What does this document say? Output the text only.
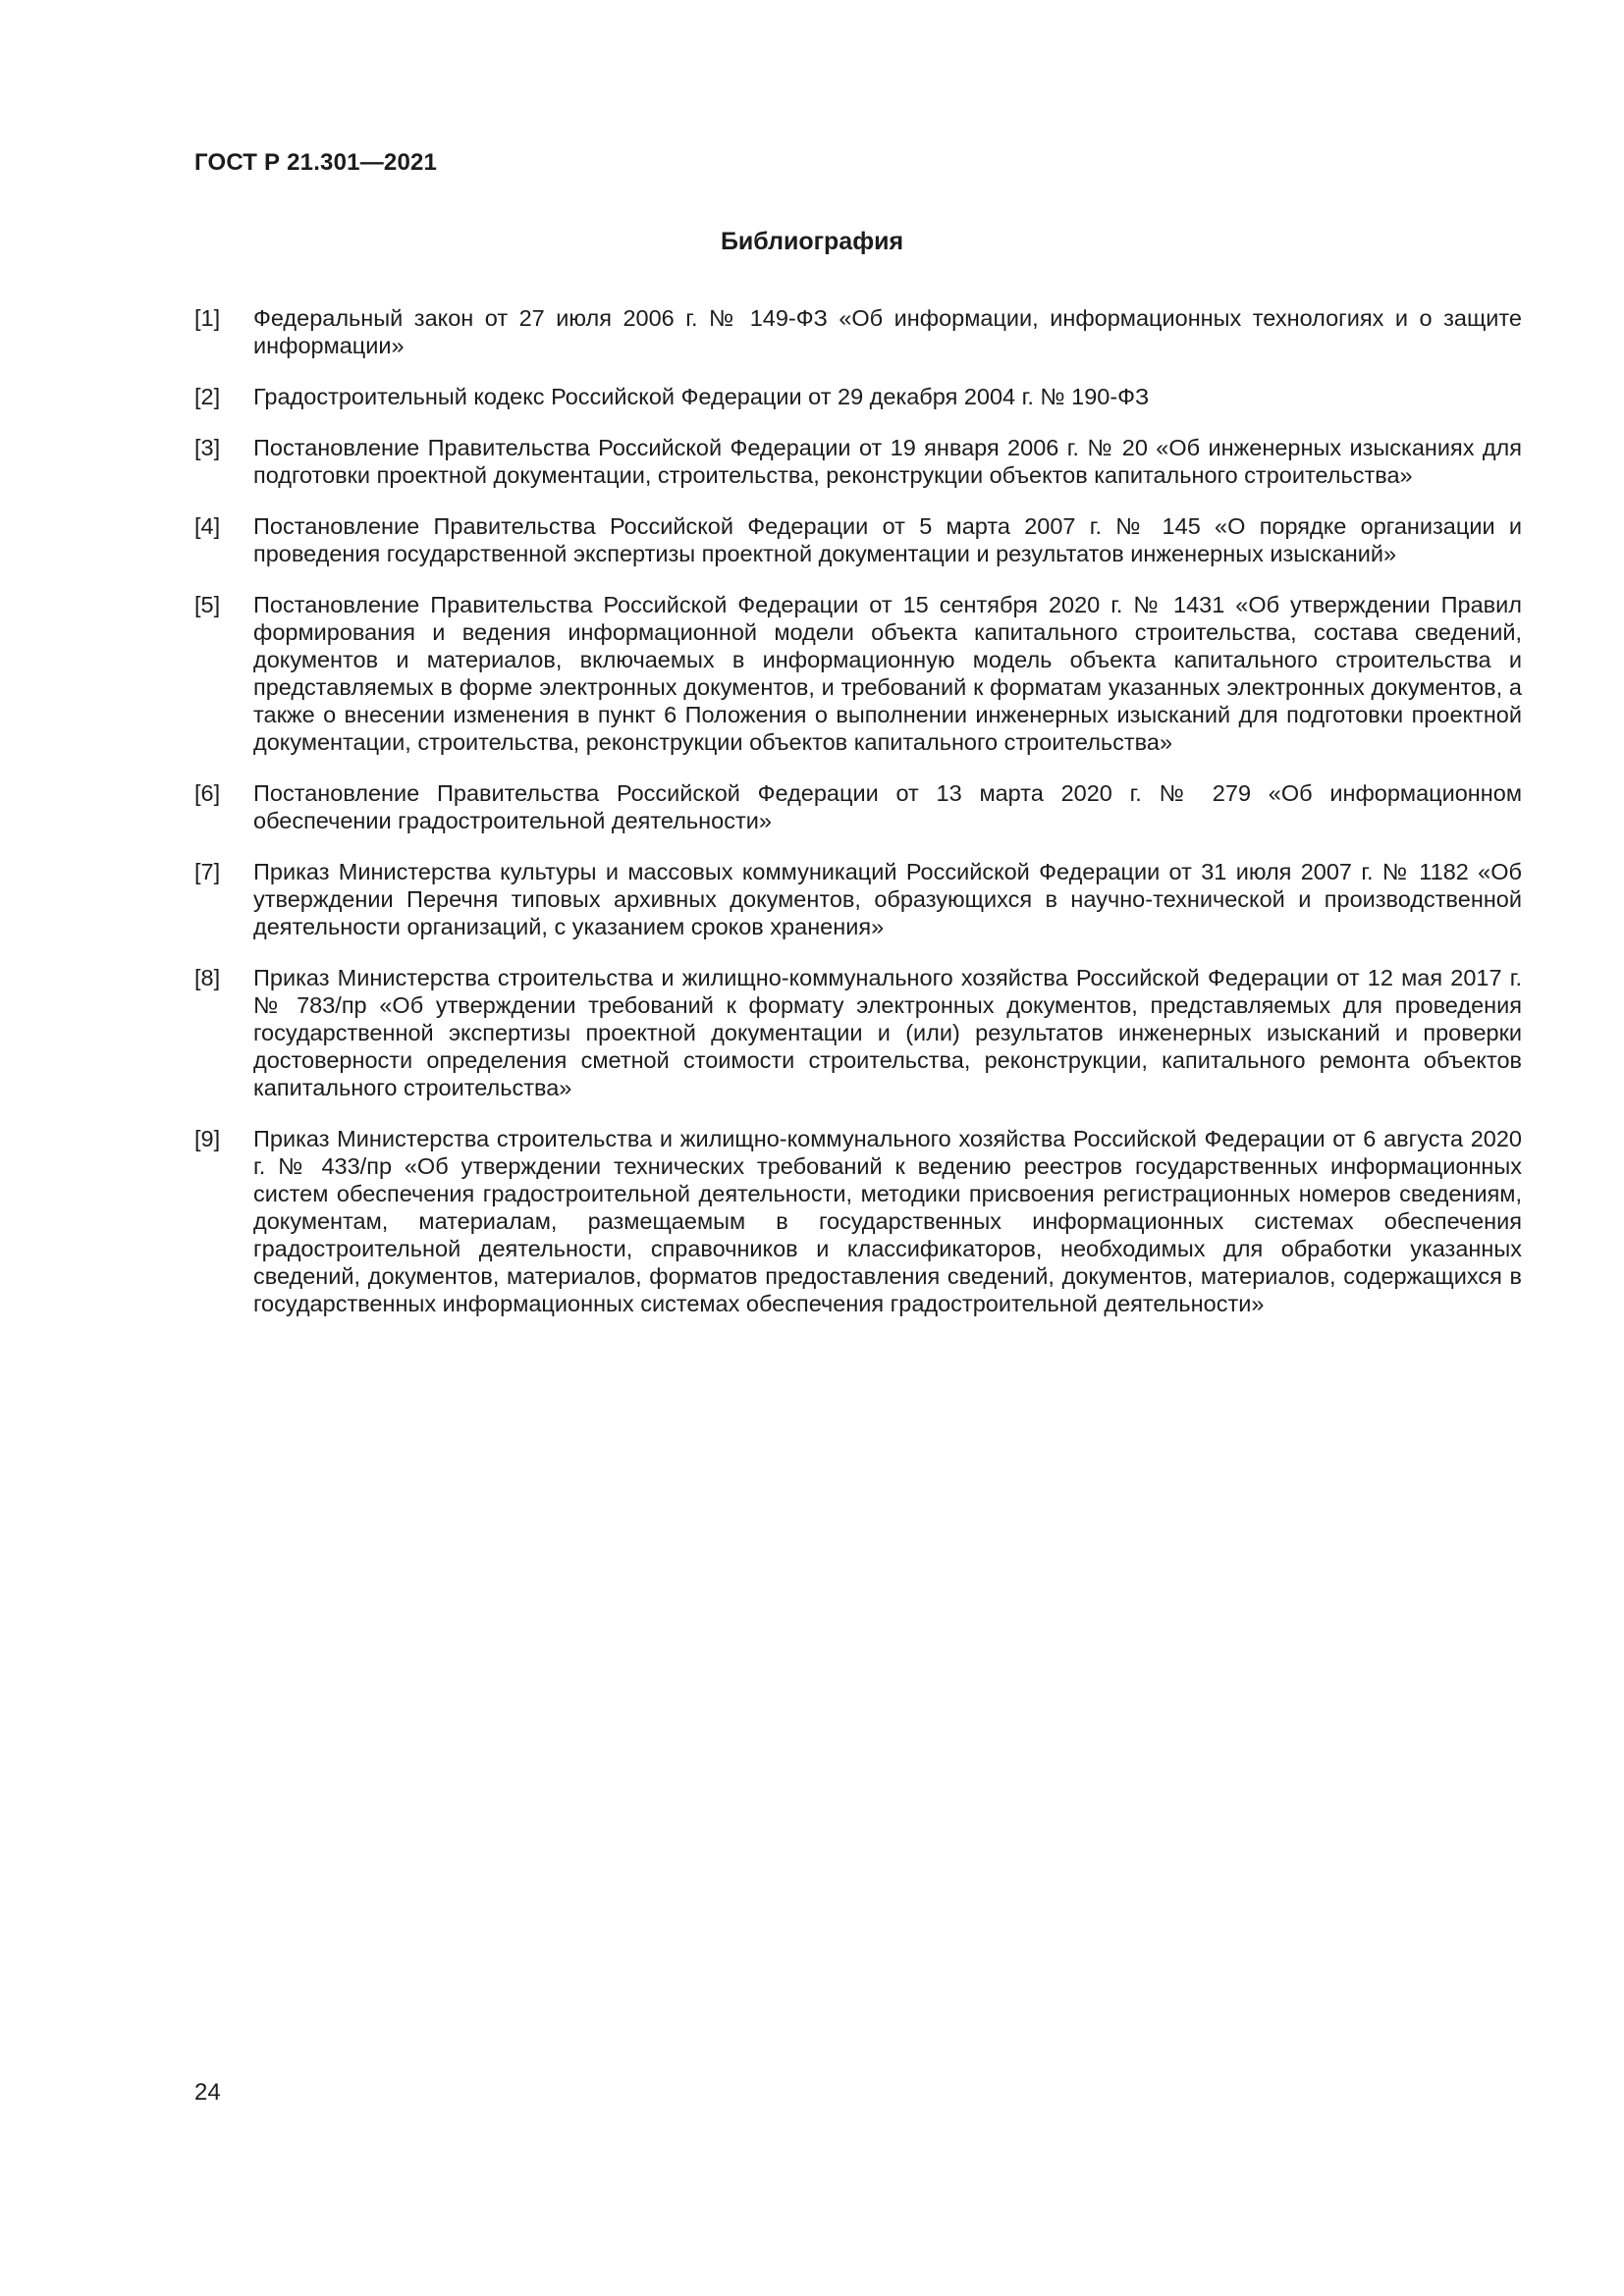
ГОСТ Р 21.301—2021
Библиография
[1]	Федеральный закон от 27 июля 2006 г. № 149-ФЗ «Об информации, информационных технологиях и о защите информации»
[2]	Градостроительный кодекс Российской Федерации от 29 декабря 2004 г. № 190-ФЗ
[3]	Постановление Правительства Российской Федерации от 19 января 2006 г. № 20 «Об инженерных изысканиях для подготовки проектной документации, строительства, реконструкции объектов капитального строительства»
[4]	Постановление Правительства Российской Федерации от 5 марта 2007 г. № 145 «О порядке организации и проведения государственной экспертизы проектной документации и результатов инженерных изысканий»
[5]	Постановление Правительства Российской Федерации от 15 сентября 2020 г. № 1431 «Об утверждении Правил формирования и ведения информационной модели объекта капитального строительства, состава сведений, документов и материалов, включаемых в информационную модель объекта капитального строительства и представляемых в форме электронных документов, и требований к форматам указанных электронных документов, а также о внесении изменения в пункт 6 Положения о выполнении инженерных изысканий для подготовки проектной документации, строительства, реконструкции объектов капитального строительства»
[6]	Постановление Правительства Российской Федерации от 13 марта 2020 г. № 279 «Об информационном обеспечении градостроительной деятельности»
[7]	Приказ Министерства культуры и массовых коммуникаций Российской Федерации от 31 июля 2007 г. № 1182 «Об утверждении Перечня типовых архивных документов, образующихся в научно-технической и производственной деятельности организаций, с указанием сроков хранения»
[8]	Приказ Министерства строительства и жилищно-коммунального хозяйства Российской Федерации от 12 мая 2017 г. № 783/пр «Об утверждении требований к формату электронных документов, представляемых для проведения государственной экспертизы проектной документации и (или) результатов инженерных изысканий и проверки достоверности определения сметной стоимости строительства, реконструкции, капитального ремонта объектов капитального строительства»
[9]	Приказ Министерства строительства и жилищно-коммунального хозяйства Российской Федерации от 6 августа 2020 г. № 433/пр «Об утверждении технических требований к ведению реестров государственных информационных систем обеспечения градостроительной деятельности, методики присвоения регистрационных номеров сведениям, документам, материалам, размещаемым в государственных информационных системах обеспечения градостроительной деятельности, справочников и классификаторов, необходимых для обработки указанных сведений, документов, материалов, форматов предоставления сведений, документов, материалов, содержащихся в государственных информационных системах обеспечения градостроительной деятельности»
24
